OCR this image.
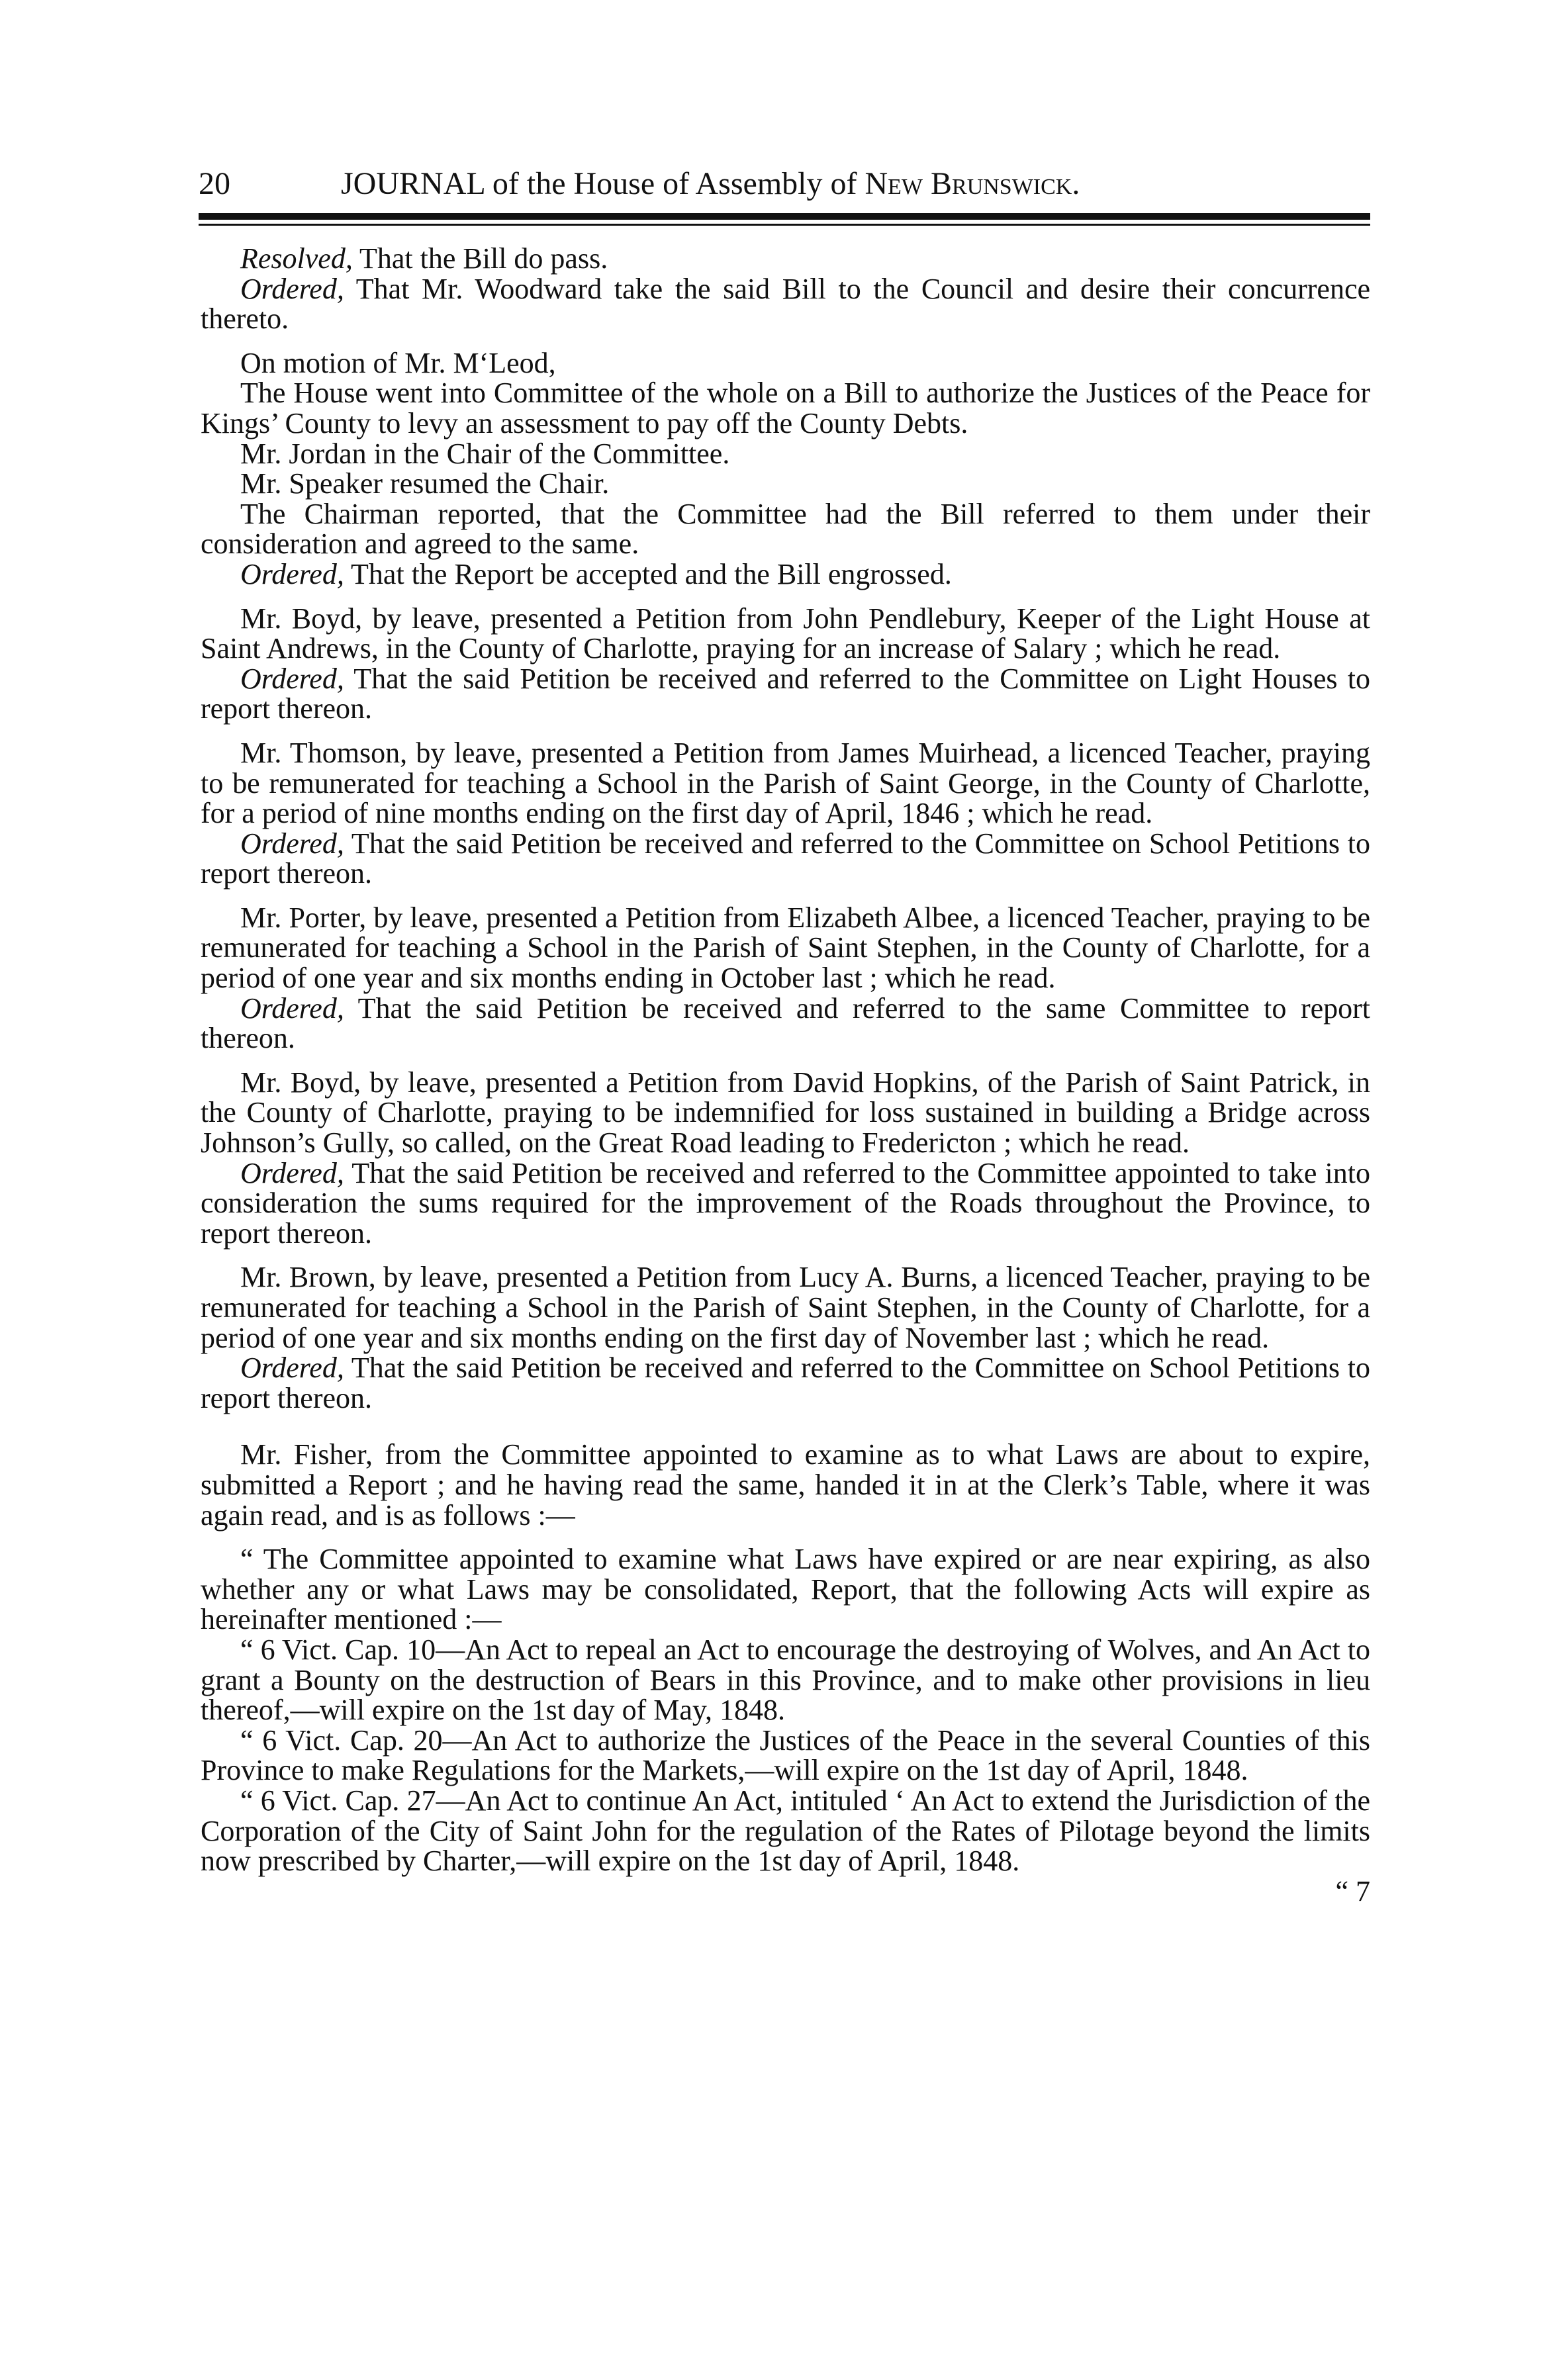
20	JOURNAL of the House of Assembly of New Brunswick.

Resolved, That the Bill do pass.

Ordered, That Mr. Woodward take the said Bill to the Council and desire their concurrence thereto.

On motion of Mr. M‘Leod,

The House went into Committee of the whole on a Bill to authorize the Justices of the Peace for Kings’ County to levy an assessment to pay off the County Debts.

Mr. Jordan in the Chair of the Committee.

Mr. Speaker resumed the Chair.

The Chairman reported, that the Committee had the Bill referred to them under their consideration and agreed to the same.

Ordered, That the Report be accepted and the Bill engrossed.

Mr. Boyd, by leave, presented a Petition from John Pendlebury, Keeper of the Light House at Saint Andrews, in the County of Charlotte, praying for an increase of Salary ; which he read.

Ordered, That the said Petition be received and referred to the Committee on Light Houses to report thereon.

Mr. Thomson, by leave, presented a Petition from James Muirhead, a licenced Teacher, praying to be remunerated for teaching a School in the Parish of Saint George, in the County of Charlotte, for a period of nine months ending on the first day of April, 1846 ; which he read.

Ordered, That the said Petition be received and referred to the Committee on School Petitions to report thereon.

Mr. Porter, by leave, presented a Petition from Elizabeth Albee, a licenced Teacher, praying to be remunerated for teaching a School in the Parish of Saint Stephen, in the County of Charlotte, for a period of one year and six months ending in October last ; which he read.

Ordered, That the said Petition be received and referred to the same Committee to report thereon.

Mr. Boyd, by leave, presented a Petition from David Hopkins, of the Parish of Saint Patrick, in the County of Charlotte, praying to be indemnified for loss sustained in building a Bridge across Johnson’s Gully, so called, on the Great Road leading to Fredericton ; which he read.

Ordered, That the said Petition be received and referred to the Committee appointed to take into consideration the sums required for the improvement of the Roads throughout the Province, to report thereon.

Mr. Brown, by leave, presented a Petition from Lucy A. Burns, a licenced Teacher, praying to be remunerated for teaching a School in the Parish of Saint Stephen, in the County of Charlotte, for a period of one year and six months ending on the first day of November last ; which he read.

Ordered, That the said Petition be received and referred to the Committee on School Petitions to report thereon.

Mr. Fisher, from the Committee appointed to examine as to what Laws are about to expire, submitted a Report ; and he having read the same, handed it in at the Clerk’s Table, where it was again read, and is as follows :—

“ The Committee appointed to examine what Laws have expired or are near expiring, as also whether any or what Laws may be consolidated, Report, that the following Acts will expire as hereinafter mentioned :—

“ 6 Vict. Cap. 10—An Act to repeal an Act to encourage the destroying of Wolves, and An Act to grant a Bounty on the destruction of Bears in this Province, and to make other provisions in lieu thereof,—will expire on the 1st day of May, 1848.

“ 6 Vict. Cap. 20—An Act to authorize the Justices of the Peace in the several Counties of this Province to make Regulations for the Markets,—will expire on the 1st day of April, 1848.

“ 6 Vict. Cap. 27—An Act to continue An Act, intituled ‘ An Act to extend the Jurisdiction of the Corporation of the City of Saint John for the regulation of the Rates of Pilotage beyond the limits now prescribed by Charter,—will expire on the 1st day of April, 1848.

“ 7
